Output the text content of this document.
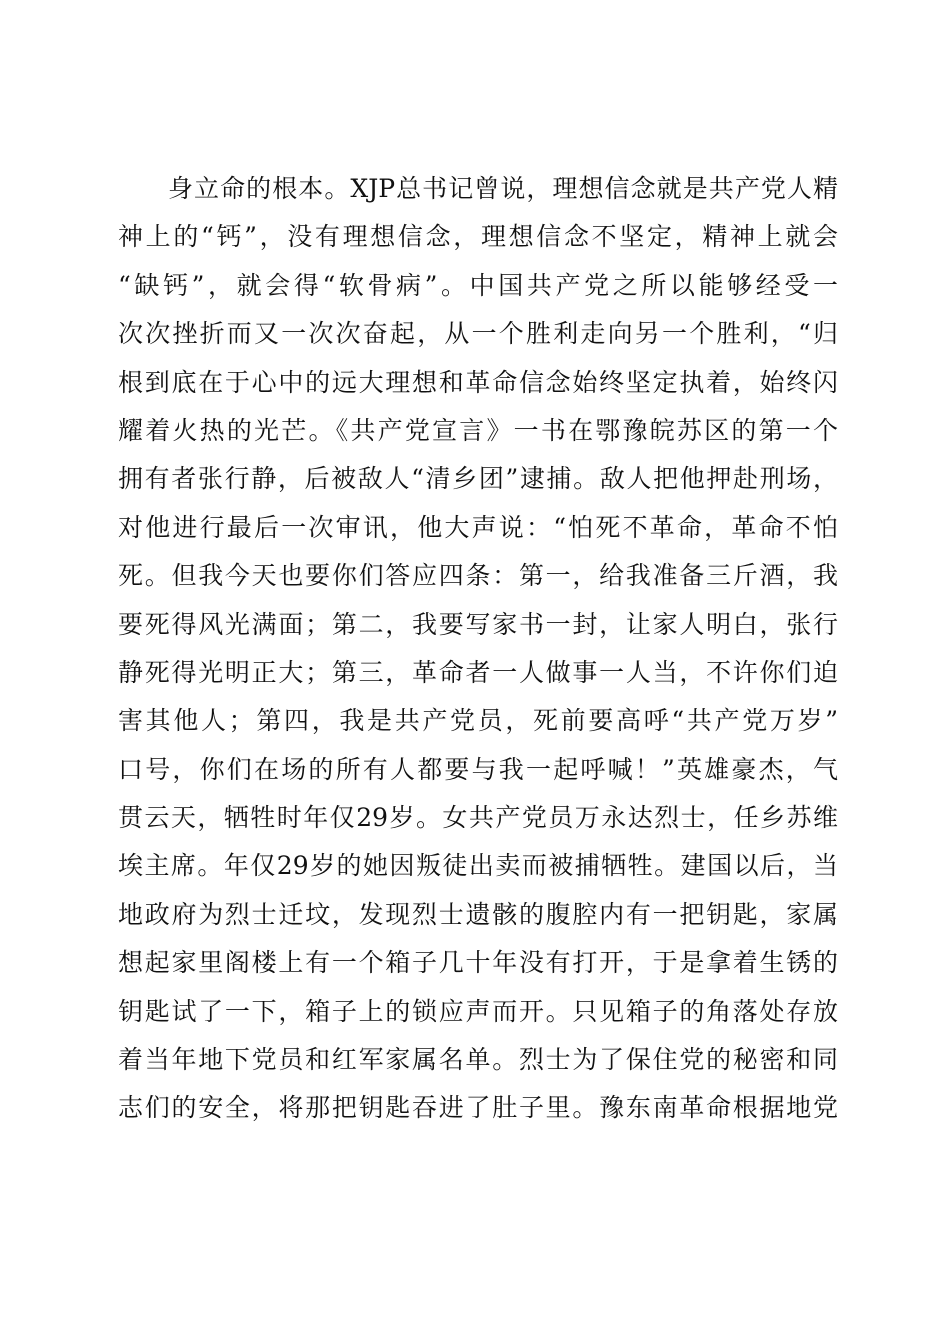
身立命的根本。XJP总书记曾说，理想信念就是共产党人精
神上的“钙”，没有理想信念，理想信念不坚定，精神上就会
“缺钙”，就会得“软骨病”。中国共产党之所以能够经受一
次次挫折而又一次次奋起，从一个胜利走向另一个胜利，“归
根到底在于心中的远大理想和革命信念始终坚定执着，始终闪
耀着火热的光芒。《共产党宣言》一书在鄂豫皖苏区的第一个
拥有者张行静，后被敌人“清乡团”逮捕。敌人把他押赴刑场，
对他进行最后一次审讯，他大声说：“怕死不革命，革命不怕
死。但我今天也要你们答应四条：第一，给我准备三斤酒，我
要死得风光满面；第二，我要写家书一封，让家人明白，张行
静死得光明正大；第三，革命者一人做事一人当，不许你们迫
害其他人；第四，我是共产党员，死前要高呼“共产党万岁”
口号，你们在场的所有人都要与我一起呼喊！”英雄豪杰，气
贯云天，牺牲时年仅29岁。女共产党员万永达烈士，任乡苏维
埃主席。年仅29岁的她因叛徒出卖而被捕牺牲。建国以后，当
地政府为烈士迁坟，发现烈士遗骸的腹腔内有一把钥匙，家属
想起家里阁楼上有一个箱子几十年没有打开，于是拿着生锈的
钥匙试了一下，箱子上的锁应声而开。只见箱子的角落处存放
着当年地下党员和红军家属名单。烈士为了保住党的秘密和同
志们的安全，将那把钥匙吞进了肚子里。豫东南革命根据地党
